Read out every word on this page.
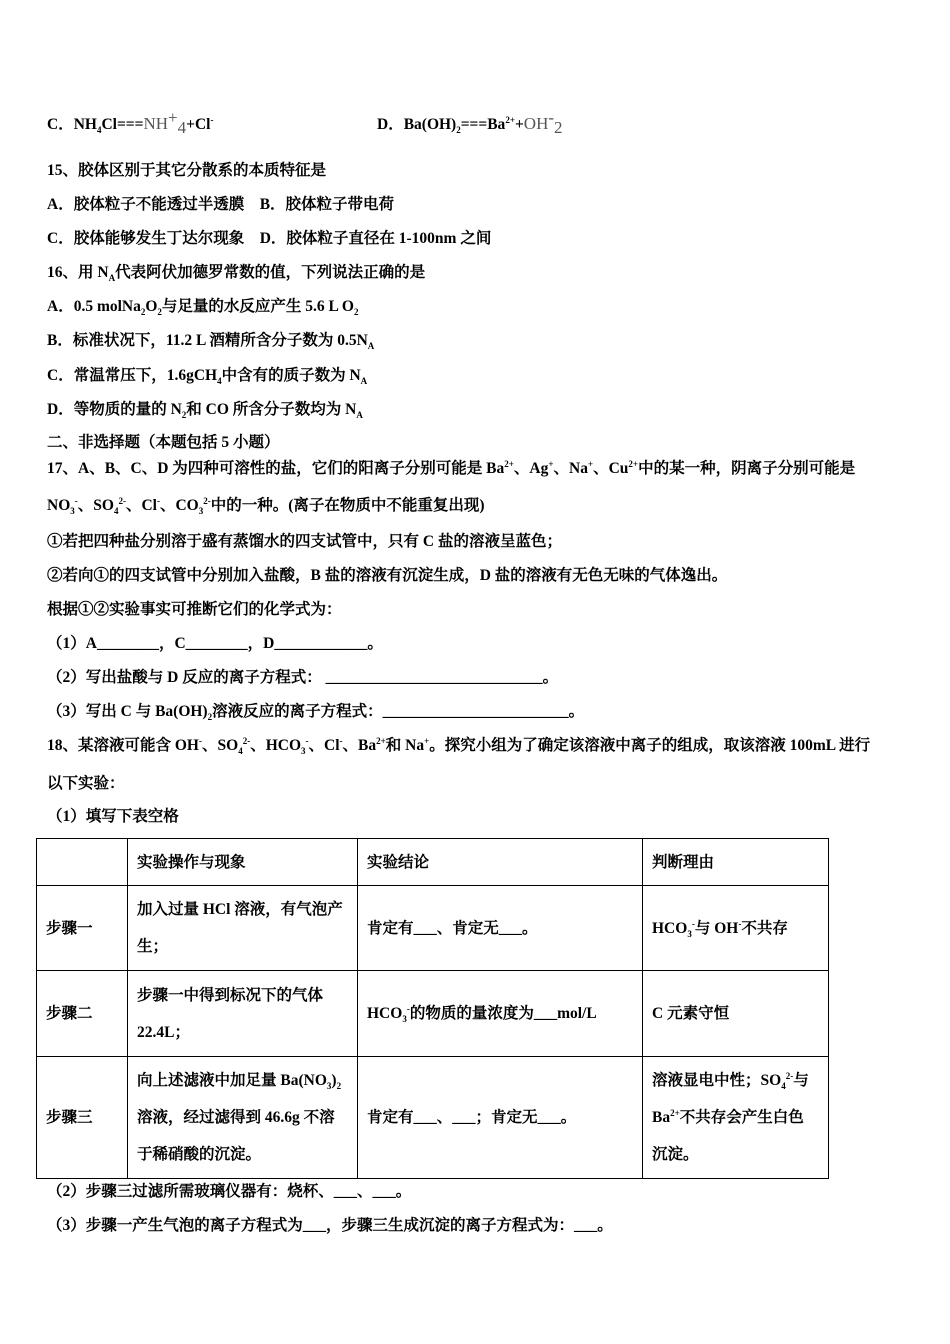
C．$NH_4Cl===NH^+_4+Cl^-$
15、胶体区别于其它分散系的本质特征是
A．胶体粒子不能透过半透膜　B．胶体粒子带电荷
C．胶体能够发生丁达尔现象　D．胶体粒子直径在 1-100nm 之间
16、用 $N_A$代表阿伏加德罗常数的值，下列说法正确的是
A．0.5 $molNa_2O_2$与足量的水反应产生 5.6 L $O_2$
B．标准状况下，11.2 L 酒精所含分子数为 $0.5N_A$
C．常温常压下，1.6gCH$_4$中含有的质子数为 $N_A$
D．等物质的量的 $N_2$和 CO 所含分子数均为 $N_A$
二、非选择题（本题包括 5 小题）
17、A、B、C、D 为四种可溶性的盐，它们的阳离子分别可能是 $Ba^{2+}$、Ag+、Na+、$Cu^{2+}$中的某一种，阴离子分别可能是
$NO_3^-$、$SO_4^{2-}$、Cl-、$CO_3^{2-}$中的一种。(离子在物质中不能重复出现)
①若把四种盐分别溶于盛有蒸馏水的四支试管中，只有 C 盐的溶液呈蓝色；
②若向①的四支试管中分别加入盐酸，B 盐的溶液有沉淀生成，D 盐的溶液有无色无味的气体逸出。
根据①②实验事实可推断它们的化学式为：
（1）A________，C________，D____________。
（2）写出盐酸与 D 反应的离子方程式： ____________________________。
（3）写出 C 与 $Ba(OH)_2$溶液反应的离子方程式：________________________。
18、某溶液可能含 OH-、$SO_4^{2-}$、$HCO_3^-$、Cl-、$Ba^{2+}$和 Na+。探究小组为了确定该溶液中离子的组成，取该溶液 100mL 进行
以下实验：
（1）填写下表空格
（2）步骤三过滤所需玻璃仪器有：烧杯、___、___。
（3）步骤一产生气泡的离子方程式为___，步骤三生成沉淀的离子方程式为：___。
D．$Ba(OH)_2===Ba^{2+}+OH^-_2$
	实验操作与现象	实验结论	判断理由
步骤一	加入过量 HCl 溶液，有气泡产生；	肯定有___、肯定无___。	$HCO_3^-$与 OH-不共存
步骤二	步骤一中得到标况下的气体 22.4L；	$HCO_3^-$的物质的量浓度为___mol/L	C 元素守恒
步骤三	向上述滤液中加足量 $Ba(NO_3)_2$溶液，经过滤得到 46.6g 不溶于稀硝酸的沉淀。	肯定有___、___；肯定无___。	溶液显电中性；$SO_4^{2-}$与 $Ba^{2+}$不共存会产生白色沉淀。
